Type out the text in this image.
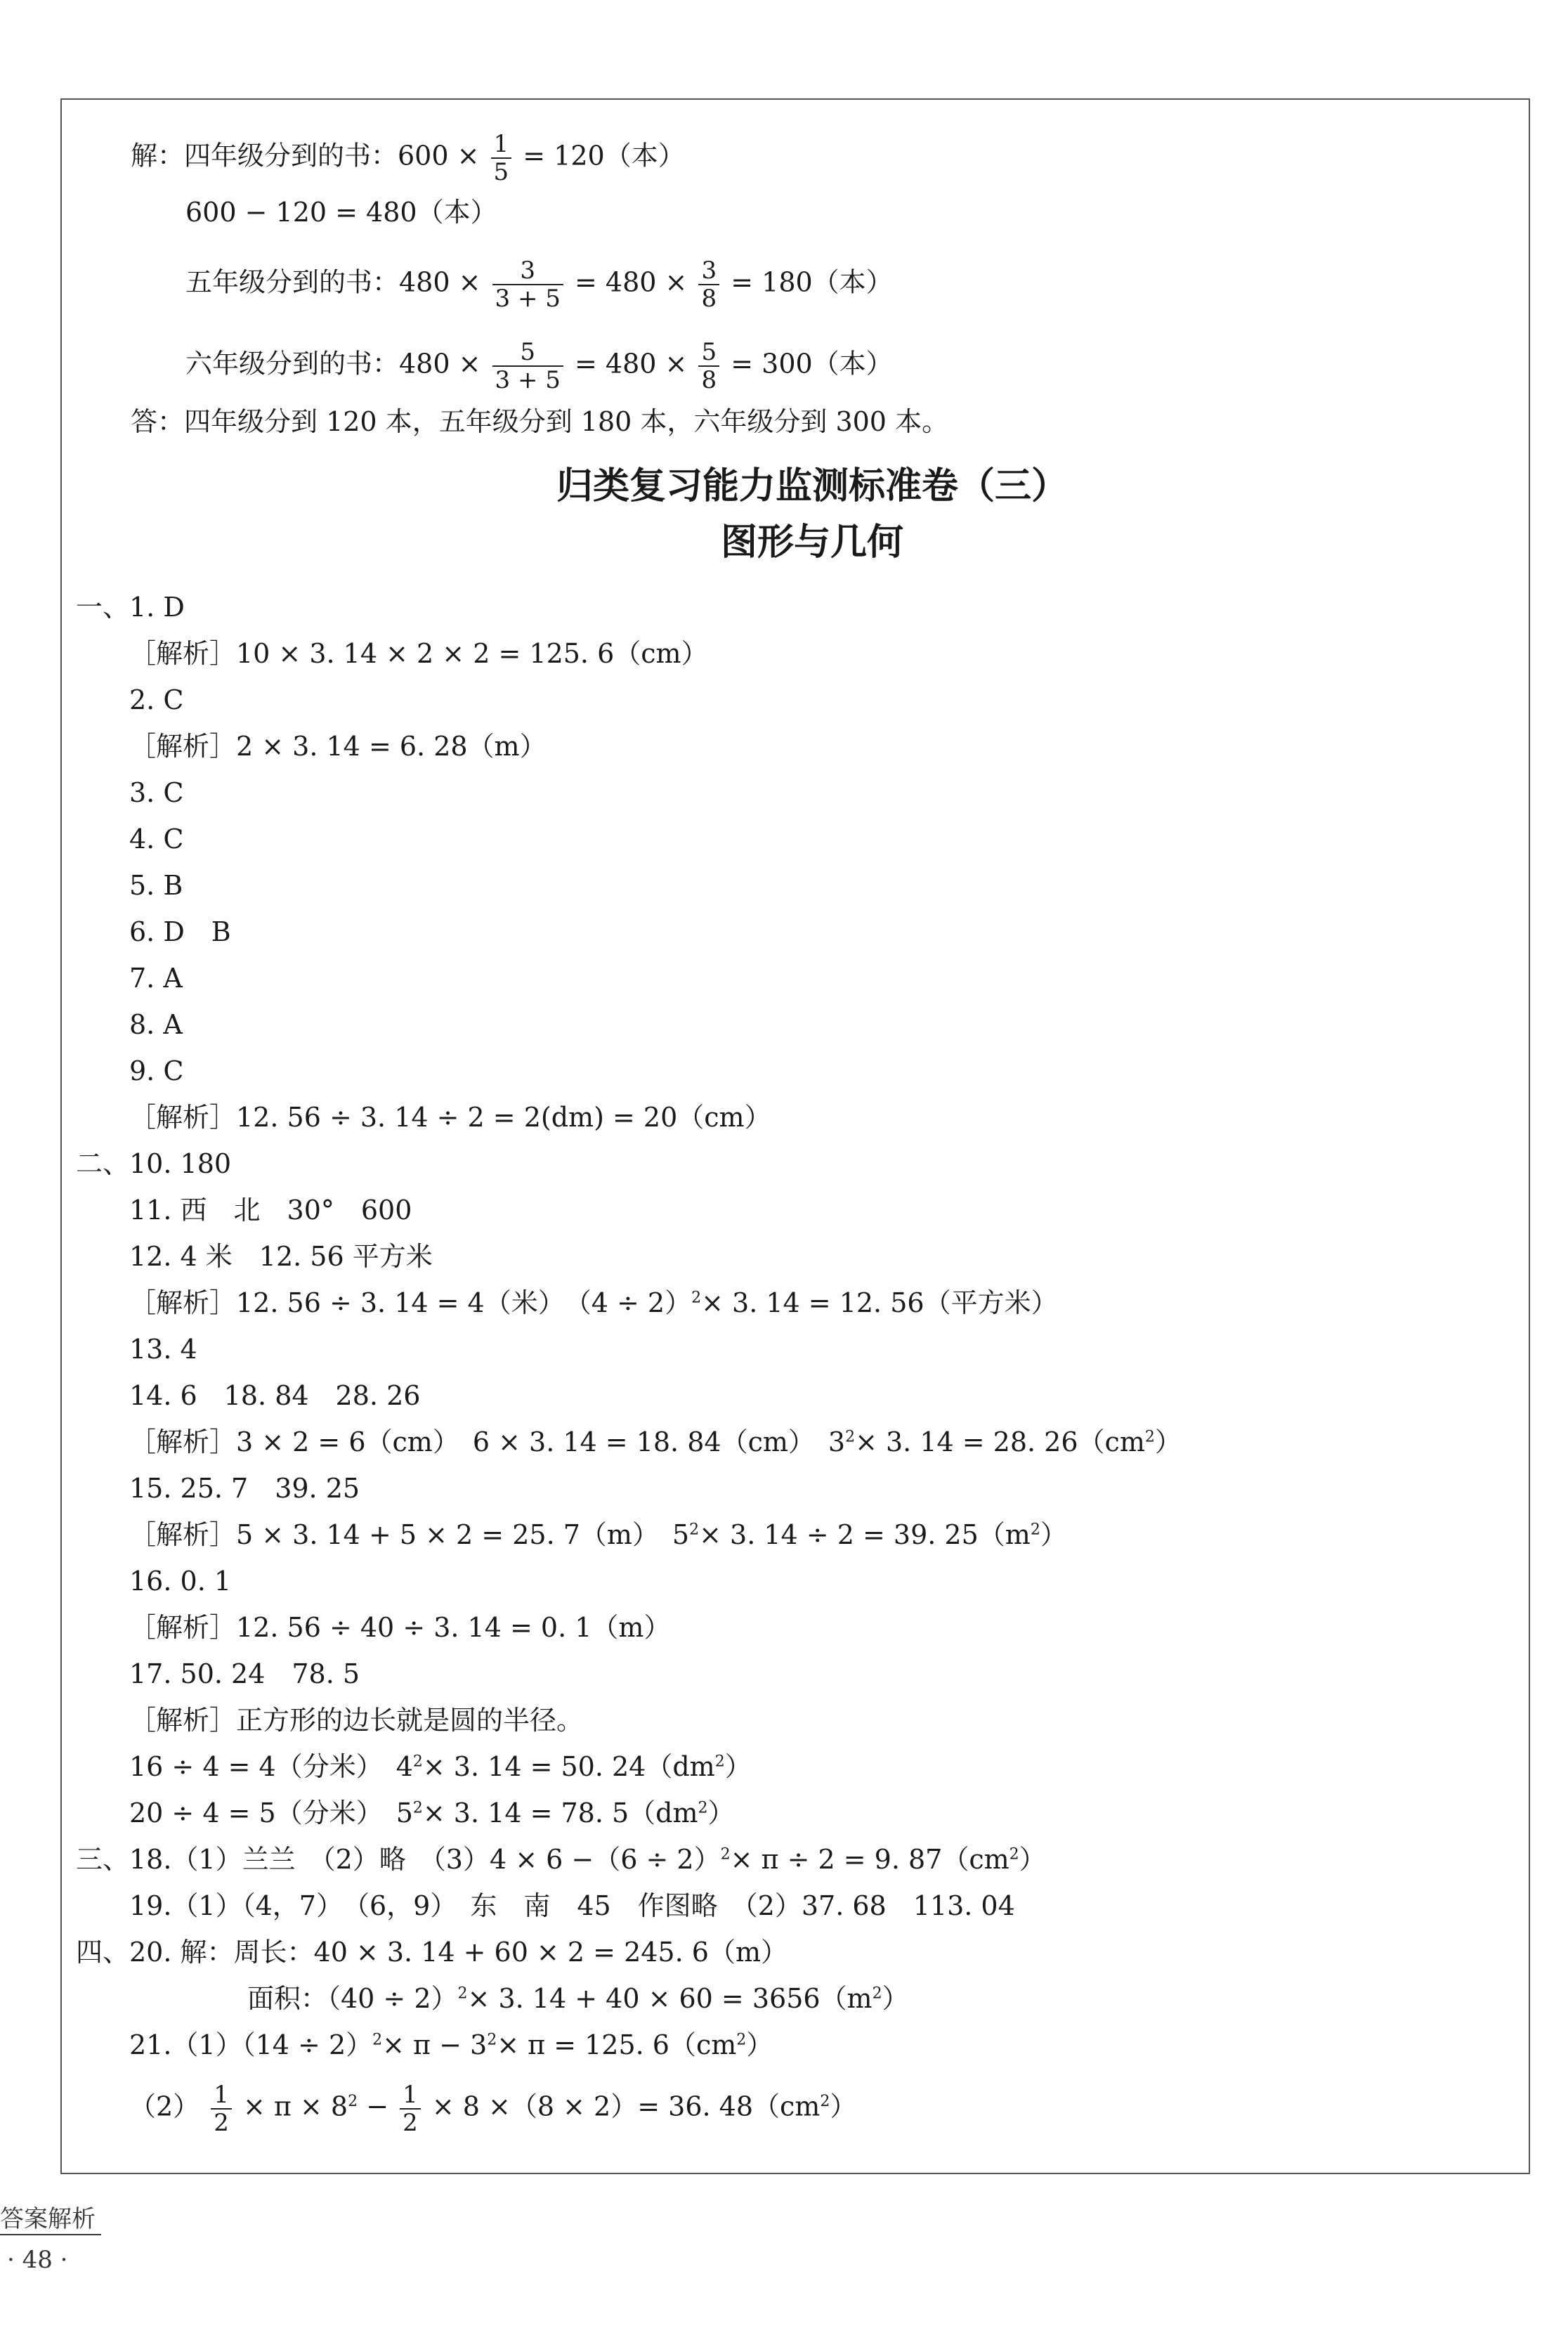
解：四年级分到的书：$600 \times \frac{1}{5} = 120$（本）
600 − 120 = 480（本）
五年级分到的书：$480 \times \frac{3}{3 + 5} = 480 \times \frac{3}{8} = 180$（本）
六年级分到的书：$480 \times \frac{5}{3 + 5} = 480 \times \frac{5}{8} = 300$（本）
答：四年级分到 120 本，五年级分到 180 本，六年级分到 300 本。
归类复习能力监测标准卷（三）
图形与几何
一、1. D
［解析］10 × 3. 14 × 2 × 2 = 125. 6（cm）
2. C
［解析］2 × 3. 14 = 6. 28（m）
3. C
4. C
5. B
6. D　B
7. A
8. A
9. C
［解析］12. 56 ÷ 3. 14 ÷ 2 = 2(dm) = 20（cm）
二、10. 180
11. 西　北　30°　600
12. 4 米　12. 56 平方米
［解析］12. 56 ÷ 3. 14 = 4（米）　$(4 \div 2)^2\times 3$. 14 = 12. 56（平方米）
13. 4
14. 6　18. 84　28. 26
［解析］3 × 2 = 6（cm）　6 × 3. 14 = 18. 84（cm）　$3^2\times 3$. 14 = 28. $26(cm^2)$
15. 25. 7　39. 25
［解析］5 × 3. 14 + 5 × 2 = 25. 7（m）　$5^2\times 3$. 14 ÷ 2 = 39. $25(m^2)$
16. 0. 1
［解析］12. 56 ÷ 40 ÷ 3. 14 = 0. 1（m）
17. 50. 24　78. 5
［解析］正方形的边长就是圆的半径。
16 ÷ 4 = 4（分米）　$4^2\times 3$. 14 = 50. $24(dm^2)$
20 ÷ 4 = 5（分米）　$5^2\times 3$. 14 = 78. $5(dm^2)$
三、18.（1）兰兰　（2）略　$(3)4 \times 6 -(6 \div 2)^2\times \pi \div 2 = 9$. $87(cm^2)$
19.（1）（4，7）　（6，9）　东　南　45　作图略　（2）37. 68　113. 04
四、20. 解：周长：40 × 3. 14 + 60 × 2 = 245. 6（m）
面积：$(40 \div 2)^2\times 3$. $14 + 40 \times 60 = 3656(m^2)$
$21.(1)(14 \div 2)^2\times \pi - 3^2\times \pi = 125$. $6(cm^2)$
$(2) \frac{1}{2} \times \pi \times 8^2 - \frac{1}{2} \times 8 \times(8 \times 2)= 36$. $48(cm^2)$
答案解析
· 48 ·
